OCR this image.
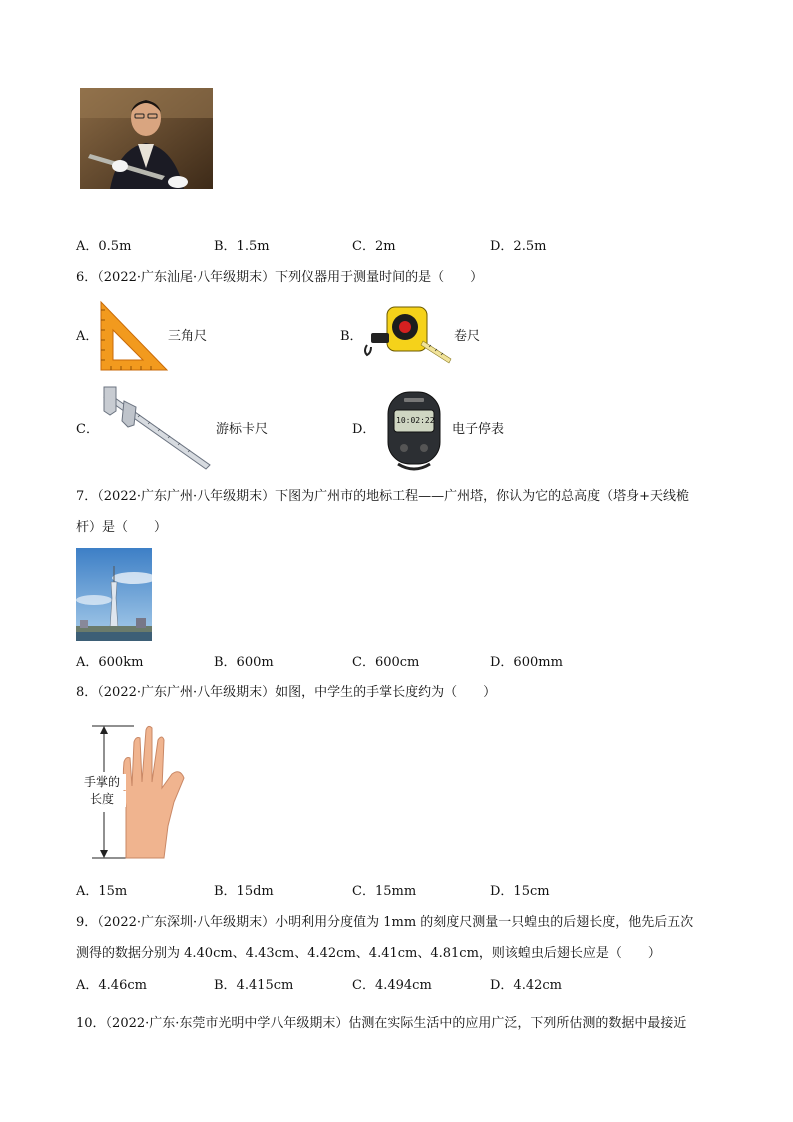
A．0.5m	B．1.5m	C．2m	D．2.5m
6．（2022·广东汕尾·八年级期末）下列仪器用于测量时间的是（　　）
A．	三角尺	B．	卷尺
C．	游标卡尺	D．
10:02:22
电子停表
7．（2022·广东广州·八年级期末）下图为广州市的地标工程——广州塔，你认为它的总高度（塔身+天线桅
杆）是（　　）
A．600km	B．600m	C．600cm	D．600mm
8．（2022·广东广州·八年级期末）如图，中学生的手掌长度约为（　　）
手掌的
长度
A．15m	B．15dm	C．15mm	D．15cm
9．（2022·广东深圳·八年级期末）小明利用分度值为 1mm 的刻度尺测量一只蝗虫的后翅长度，他先后五次
测得的数据分别为 4.40cm、4.43cm、4.42cm、4.41cm、4.81cm，则该蝗虫后翅长应是（　　）
A．4.46cm	B．4.415cm	C．4.494cm	D．4.42cm
10．（2022·广东·东莞市光明中学八年级期末）估测在实际生活中的应用广泛，下列所估测的数据中最接近
